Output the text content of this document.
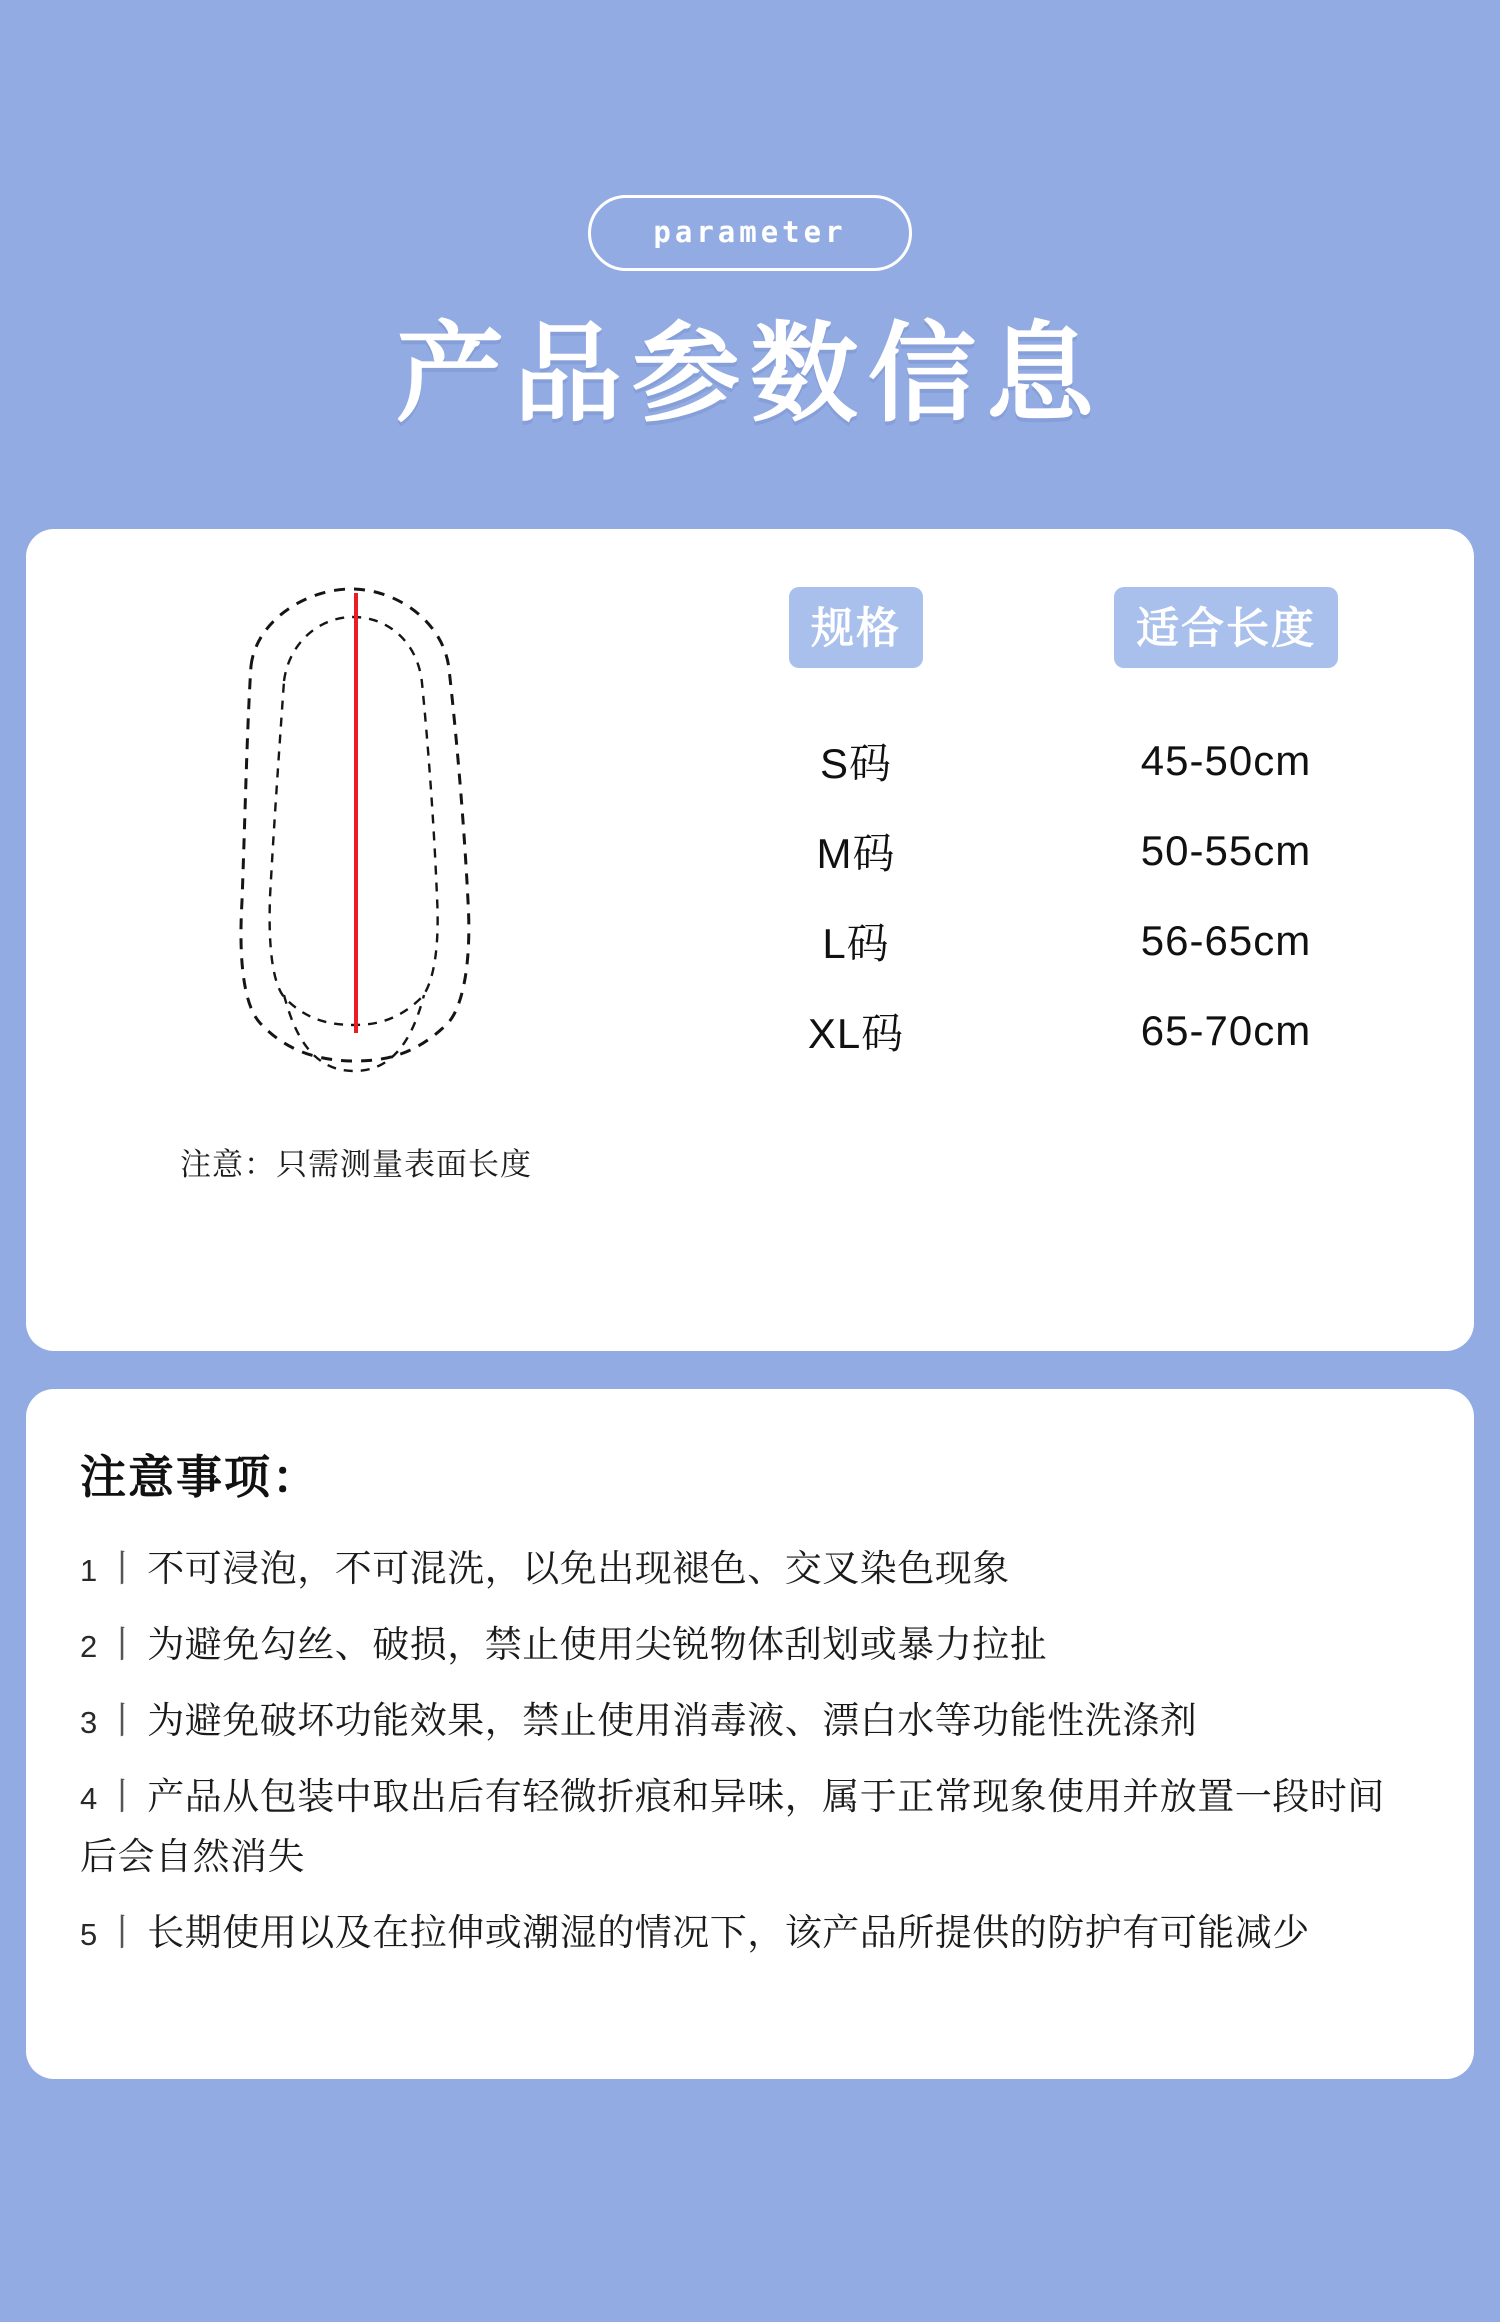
parameter
产品参数信息
注意：只需测量表面长度
规格	适合长度
S码	45-50cm
M码	50-55cm
L码	56-65cm
XL码	65-70cm
注意事项：
1 丨 不可浸泡，不可混洗，以免出现褪色、交叉染色现象
2 丨 为避免勾丝、破损，禁止使用尖锐物体刮划或暴力拉扯
3 丨 为避免破坏功能效果，禁止使用消毒液、漂白水等功能性洗涤剂
4 丨 产品从包装中取出后有轻微折痕和异味，属于正常现象使用并放置一段时间后会自然消失
5 丨 长期使用以及在拉伸或潮湿的情况下，该产品所提供的防护有可能减少
